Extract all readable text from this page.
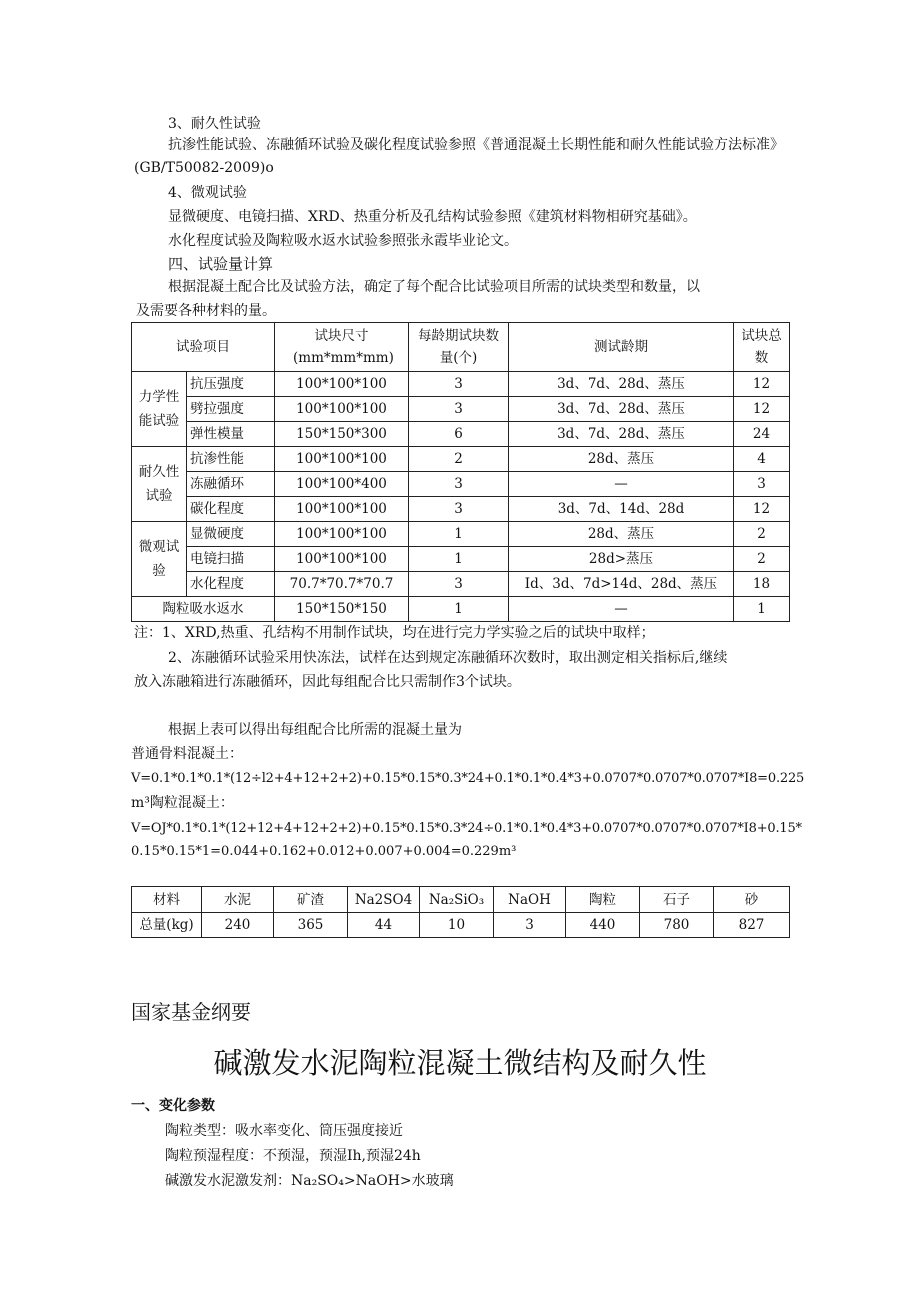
3、耐久性试验
抗渗性能试验、冻融循环试验及碳化程度试验参照《普通混凝土长期性能和耐久性能试验方法标准》(GB/T50082-2009)o
4、微观试验
显微硬度、电镜扫描、XRD、热重分析及孔结构试验参照《建筑材料物相研究基础》。
水化程度试验及陶粒吸水返水试验参照张永霞毕业论文。
四、试验量计算
根据混凝土配合比及试验方法，确定了每个配合比试验项目所需的试块类型和数量，以
及需要各种材料的量。
试验项目		试块尺寸(mm*mm*mm)	每龄期试块数量(个)	测试龄期	试块总数
力学性能试验	抗压强度	100*100*100	3	3d、7d、28d、蒸压	12
	劈拉强度	100*100*100	3	3d、7d、28d、蒸压	12
	弹性模量	150*150*300	6	3d、7d、28d、蒸压	24
耐久性试验	抗渗性能	100*100*100	2	28d、蒸压	4
	冻融循环	100*100*400	3	—	3
	碳化程度	100*100*100	3	3d、7d、14d、28d	12
微观试验	显微硬度	100*100*100	1	28d、蒸压	2
	电镜扫描	100*100*100	1	28d>蒸压	2
	水化程度	70.7*70.7*70.7	3	Id、3d、7d>14d、28d、蒸压	18
陶粒吸水返水		150*150*150	1	—	1
注：1、XRD,热重、孔结构不用制作试块，均在进行完力学实验之后的试块中取样；
2、冻融循环试验采用快冻法，试样在达到规定冻融循环次数时，取出测定相关指标后,继续
放入冻融箱进行冻融循环，因此每组配合比只需制作3个试块。
根据上表可以得出每组配合比所需的混凝土量为
普通骨料混凝土：
V=0.1*0.1*0.1*(12÷l2+4+12+2+2)+0.15*0.15*0.3*24+0.1*0.1*0.4*3+0.0707*0.0707*0.0707*I8=0.225
m³陶粒混凝土：
V=OJ*0.1*0.1*(12+12+4+12+2+2)+0.15*0.15*0.3*24÷0.1*0.1*0.4*3+0.0707*0.0707*0.0707*I8+0.15*
0.15*0.15*1=0.044+0.162+0.012+0.007+0.004=0.229m³
材料	水泥	矿渣	Na2SO4	Na₂SiO₃	NaOH	陶粒	石子	砂
总量(kg)	240	365	44	10	3	440	780	827
国家基金纲要
碱激发水泥陶粒混凝土微结构及耐久性
一、变化参数
陶粒类型：吸水率变化、筒压强度接近
陶粒预湿程度：不预湿，预湿Ih,预湿24h
碱激发水泥激发剂：Na₂SO₄>NaOH>水玻璃
